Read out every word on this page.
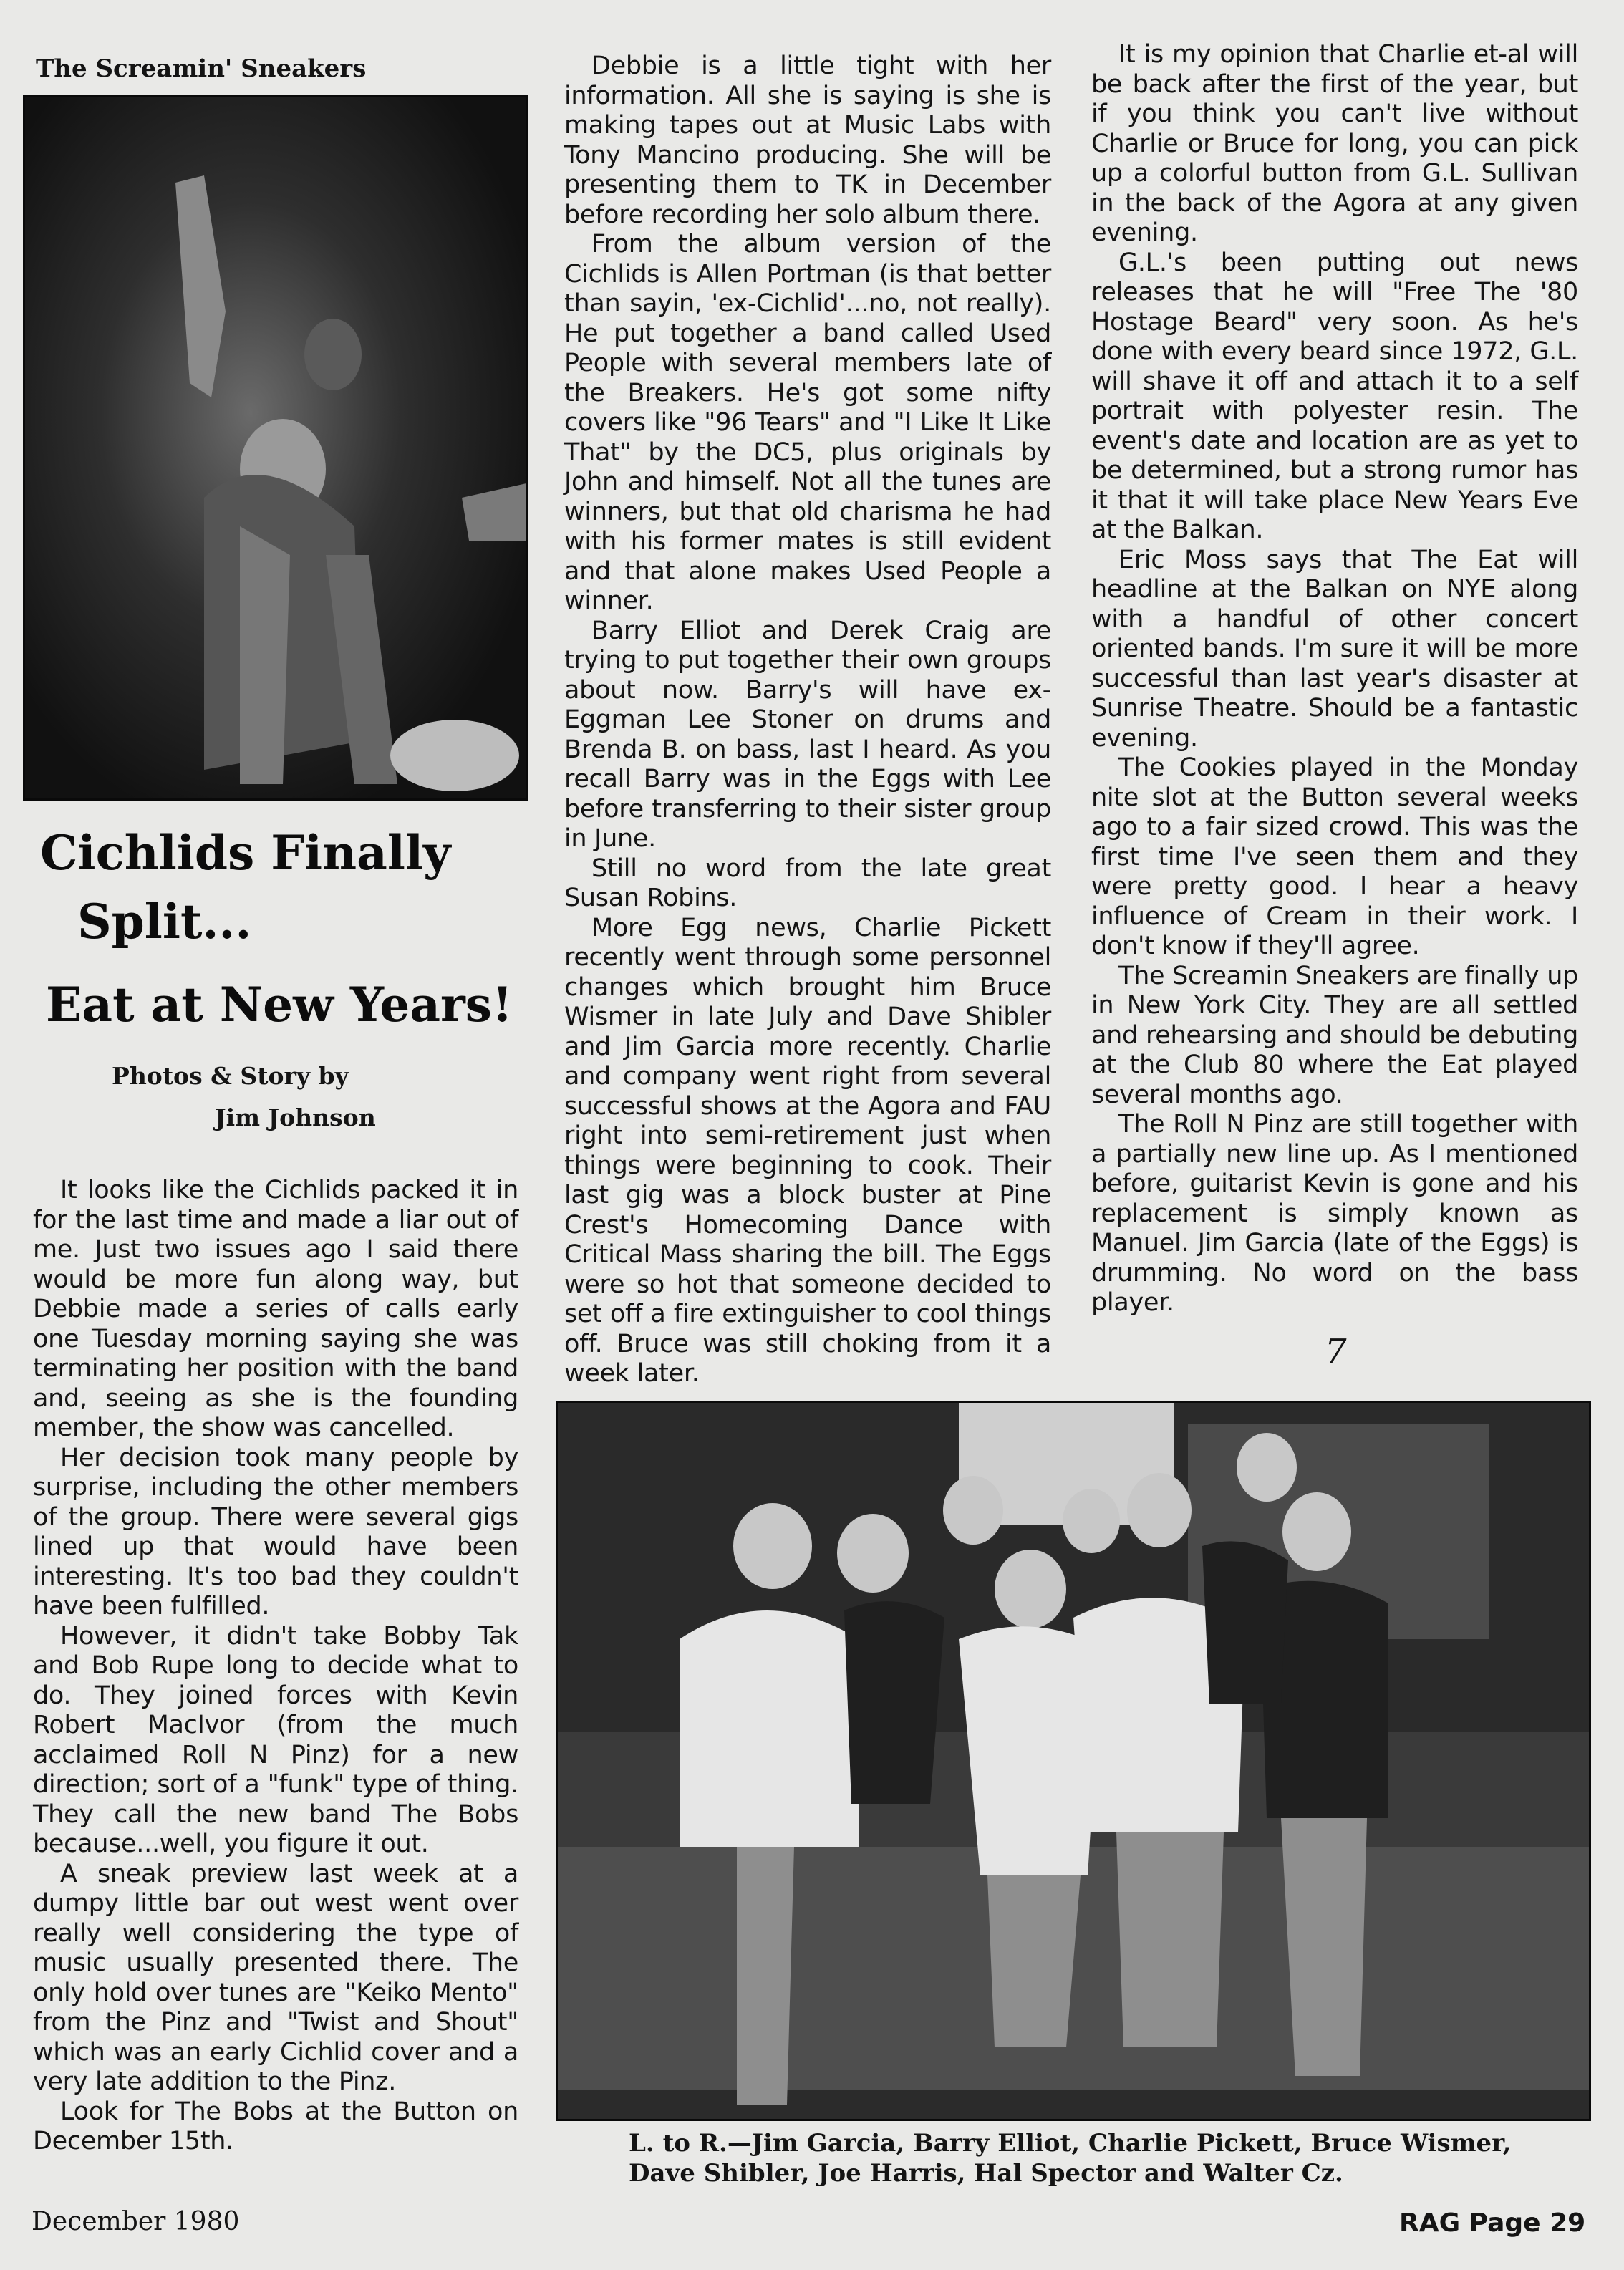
The Screamin' Sneakers
Cichlids Finally
Split...
Eat at New Years!
Photos & Story by
Jim Johnson

It looks like the Cichlids packed it in for the last time and made a liar out of me. Just two issues ago I said there would be more fun along way, but Debbie made a series of calls early one Tuesday morning saying she was terminating her position with the band and, seeing as she is the founding member, the show was cancelled.

Her decision took many people by surprise, including the other members of the group. There were several gigs lined up that would have been interesting. It's too bad they couldn't have been fulfilled.

However, it didn't take Bobby Tak and Bob Rupe long to decide what to do. They joined forces with Kevin Robert MacIvor (from the much acclaimed Roll N Pinz) for a new direction; sort of a "funk" type of thing. They call the new band The Bobs because...well, you figure it out.

A sneak preview last week at a dumpy little bar out west went over really well considering the type of music usually presented there. The only hold over tunes are "Keiko Mento" from the Pinz and "Twist and Shout" which was an early Cichlid cover and a very late addition to the Pinz.

Look for The Bobs at the Button on December 15th.

Debbie is a little tight with her information. All she is saying is she is making tapes out at Music Labs with Tony Mancino producing. She will be presenting them to TK in December before recording her solo album there.

From the album version of the Cichlids is Allen Portman (is that better than sayin, 'ex-Cichlid'...no, not really). He put together a band called Used People with several members late of the Breakers. He's got some nifty covers like "96 Tears" and "I Like It Like That" by the DC5, plus originals by John and himself. Not all the tunes are winners, but that old charisma he had with his former mates is still evident and that alone makes Used People a winner.

Barry Elliot and Derek Craig are trying to put together their own groups about now. Barry's will have ex-Eggman Lee Stoner on drums and Brenda B. on bass, last I heard. As you recall Barry was in the Eggs with Lee before transferring to their sister group in June.

Still no word from the late great Susan Robins.

More Egg news, Charlie Pickett recently went through some personnel changes which brought him Bruce Wismer in late July and Dave Shibler and Jim Garcia more recently. Charlie and company went right from several successful shows at the Agora and FAU right into semi-retirement just when things were beginning to cook. Their last gig was a block buster at Pine Crest's Homecoming Dance with Critical Mass sharing the bill. The Eggs were so hot that someone decided to set off a fire extinguisher to cool things off. Bruce was still choking from it a week later.

It is my opinion that Charlie et-al will be back after the first of the year, but if you think you can't live without Charlie or Bruce for long, you can pick up a colorful button from G.L. Sullivan in the back of the Agora at any given evening.

G.L.'s been putting out news releases that he will "Free The '80 Hostage Beard" very soon. As he's done with every beard since 1972, G.L. will shave it off and attach it to a self portrait with polyester resin. The event's date and location are as yet to be determined, but a strong rumor has it that it will take place New Years Eve at the Balkan.

Eric Moss says that The Eat will headline at the Balkan on NYE along with a handful of other concert oriented bands. I'm sure it will be more successful than last year's disaster at Sunrise Theatre. Should be a fantastic evening.

The Cookies played in the Monday nite slot at the Button several weeks ago to a fair sized crowd. This was the first time I've seen them and they were pretty good. I hear a heavy influence of Cream in their work. I don't know if they'll agree.

The Screamin Sneakers are finally up in New York City. They are all settled and rehearsing and should be debuting at the Club 80 where the Eat played several months ago.

The Roll N Pinz are still together with a partially new line up. As I mentioned before, guitarist Kevin is gone and his replacement is simply known as Manuel. Jim Garcia (late of the Eggs) is drumming. No word on the bass player.

7
L. to R.—Jim Garcia, Barry Elliot, Charlie Pickett, Bruce Wismer,
Dave Shibler, Joe Harris, Hal Spector and Walter Cz.
December 1980	RAG Page 29
